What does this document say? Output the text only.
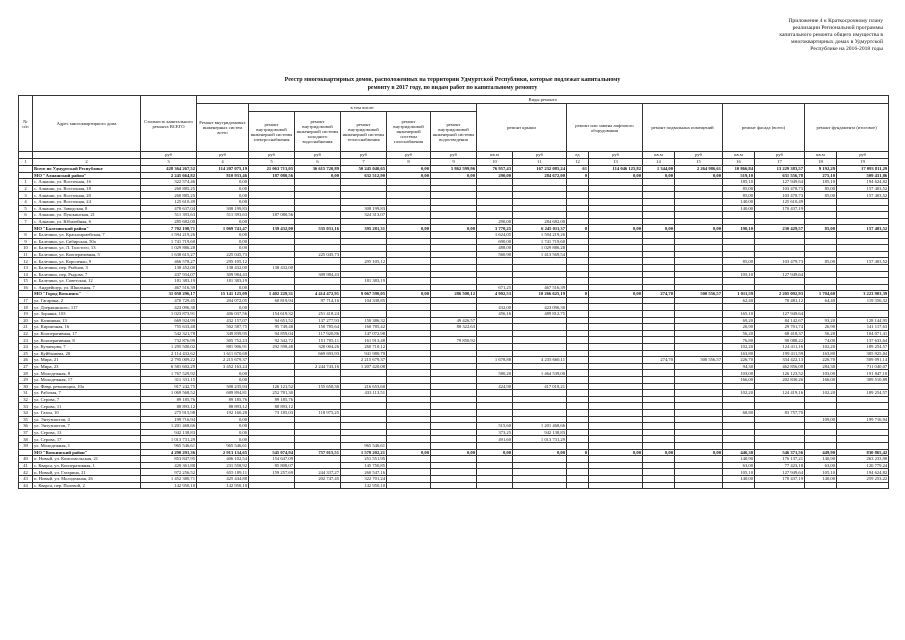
Приложение 4 к Краткосрочному плану
реализации Региональной программы
капитального ремонта общего имущества в
многоквартирных домах в Удмуртской
Республике на 2016-2018 годы
Реестр многоквартирных домов, расположенных на территории Удмуртской Республики, которые подлежат капитальному
ремонту в 2017 году, по видам работ по капитальному ремонту
№ п\п	Адрес многоквартирного дома	Стоимость капитального ремонта ВСЕГО	Виды ремонта															
			Ремонт внутридомовых инженерных систем всего	в том числе:					ремонт крыши		ремонт или замена лифтового оборудования		ремонт подвальных помещений		ремонт фасада (всего)		ремонт фундамента (итоговое)	
				ремонт внутридомовой инженерной системы электроснабжения	ремонт внутридомовой инженерной системы холодного водоснабжения	ремонт внутридомовой инженерной системы теплоснабжения	ремонт внутридомовой инженерной системы газоснабжения	ремонт внутридомовой инженерной системы водоотведения										
		руб	руб	руб	руб	руб	руб	руб	кв.м	руб	ед	руб	кв.м	руб	кв.м	руб	кв.м	руб
1	2	3	4	5	6	7	8	9	10	11	12	13	14	15	16	17	18	19
	Всего по Удмуртской Республике	428 364 267,52	114 207 075,19	21 063 713,05	36 615 720,89	50 245 040,65	0,00	5 862 599,96	76 957,43	167 232 085,24	61	114 046 125,82	1 344,00	2 264 986,61	10 866,84	13 229 383,57	9 192,29	17 093 811,29
	МО "Алнашский район"	2 245 664,82	810 933,46	187 080,56	0,00	632 512,90	0,00	0,00	290,00	284 672,00	0	0,00	0,00	0,00	519,10	631 556,78	275,10	509 431,86
1	с. Алнаши, ул. Восточная, 16	322 574,46	0,00												185,10	127 949,64	185,10	194 624,82
2	с. Алнаши, ул. Восточная, 18	260 885,25	0,00												85,00	103 478,73	85,00	157 403,52
3	с. Алнаши, ул. Восточная, 20	260 885,25	0,00												85,00	103 478,73	85,00	157 403,52
4	с. Алнаши, ул. Восточная, 24	125 610,49	0,00												140,00	125 610,49		
5	с. Алнаши, ул. Заводская, 8	478 637,04	308 199,83			308 199,83									140,00	170 437,19		
6	с. Алнаши, ул. Пушкинская, 21	511 393,63	511 393,63	187 080,56		324 313,07												
7	с. Алнаши, ул. Юбилейная, 6	285 682,00	0,00						290,00	284 682,00								
	МО "Балезинский район"	7 702 190,71	1 069 741,47	139 432,00	535 031,16	395 281,31	0,00	0,00	3 770,25	6 245 011,37	0	0,00	0,00	0,00	190,10	230 429,57	85,00	157 403,52
8	п. Балезино, ул. Красноармейская, 7	1 594 219,26	0,00						1 624,05	1 594 219,26								
9	п. Балезино, ул. Сибирская, 50а	1 741 719,60	0,00						690,00	1 741 719,60								
10	п. Балезино, ул. Л. Толстого, 13	1 029 886,28	0,00						488,00	1 029 886,28								
11	п. Балезино, ул. Кооперативная, 5	1 638 615,27	225 045,73		225 045,73				560,90	1 413 569,54								
12	п. Балезино, ул. Короленко, 9	466 578,27	295 105,12			295 105,12									85,00	103 479,73	85,00	157 403,52
13	п. Балезино, пер. Рыбнов, 3	138 452,00	138 432,00	138 432,00														
14	п. Балезино, пер. Рыдова, 7	437 934,07	309 984,43		309 984,43										105,10	127 949,64		
15	п. Балезино, ул. Советская, 12	181 383,19	181 383,19			181 383,19												
16	с. Андрейшур, ул. Школьная, 7	467 516,39	0,00						671,25	467 516,39								
	МО "Город Воткинск"	31 050 296,17	15 141 125,09	1 402 229,31	4 414 472,91	9 067 590,05	0,00	286 500,12	4 902,53	10 266 625,19	0	0,00	274,70	500 556,57	1 011,59	2 205 092,93	1 704,60	3 223 903,39
17	ул. Гагарина, 2	470 729,45	204 072,05	60 819,94	97 714,16	104 338,85									62,40	78 481,12	64,40	119 356,32
18	ул. Дзержинского, 117	423 096,30	0,00						432,00	423 096,30								
19	ул. Зорянка, 103	1 023 873,91	406 037,56	154 619,32	251 418,24				456,16	489 812,75					165,10	127 949,64		
20	ул. Калинина, 13	669 924,99	432 157,07	94 651,52	137 277,93	150 386,32		49 426,57							69,20	84 142,67	93,20	128 144,95
21	ул. Кирпичная, 16	755 633,48	502 587,75	95 749,48	150 785,64	160 785,42		88 322,63							26,90	29 701,74	26,90	141 117,63
22	ул. Кооперативная, 17	542 321,78	349 839,95	94 859,04	117 920,86	147 072,98									56,20	68 418,37	56,20	104 071,41
23	ул. Кооперативная, 8	732 876,99	305 752,23	92 342,72	151 705,11	161 913,48		79 850,92							76,80	90 088,22	74,00	137 633,64
24	ул. Кузнецова, 7	1 295 500,02	881 906,91	292 598,48	328 004,26	260 710,12									102,20	124 411,16	102,20	189 254,57
25	ул. Куйбышева, 20	2 114 432,62	1 611 670,68		669 693,93	941 980,79									163,80	199 411,59	163,80	305 925,84
26	ул. Мира, 21	2 795 009,22	2 215 679,37			2 215 679,37			1 678,88	4 235 660,11			274,70	500 556,57	226,70	334 422,13	226,70	509 091,14
27	ул. Мира, 23	6 581 602,29	3 452 163,24		2 244 743,16	1 207 420,08									94,30	462 856,08	284,30	711 040,07
28	ул. Молодежная, 8	1 767 529,92	0,00						580,20	1 464 539,00					103,00	126 123,52	103,00	191 847,10
29	ул. Молодежная, 17	311 331,15	0,00												166,00	202 830,26	166,00	309 510,89
30	ул. Февр. революции, 10а	917 242,75	500 235,94	126 121,52	155 650,30	216 653,60			424,90	417 018,21								
31	ул. Рабочая, 7	1 069 568,52	689 894,81	252 781,30		433 113,51									102,20	124 419,16	102,20	189 254,57
32	ул. Серова, 7	89 185,76	89 185,76	89 185,76														
33	ул. Серова, 11	88 893,12	88 893,12	88 893,12														
34	ул. Газон, 10	275 915,98	192 160,28	73 185,03	118 975,25										68,80	83 757,70		
35	ул. Энтузиастов, 4	199 716,94	0,00														109,00	199 716,94
36	ул. Энтузиастов, 7	1 201 468,66	0,00						515,60	1 201 468,66								
37	ул. Серова, 13	942 138,83	0,00						373,25	942 138,83								
38	ул. Серова, 17	1 013 731,29	0,00						491,60	1 013 731,29								
39	ул. Молодежная, 1	965 546,61	965 546,61			965 546,61												
	МО "Воткинский район"	4 290 291,36	2 913 134,65	545 074,94	757 015,51	1 570 202,21	0,00	0,00	0,00	0,00	0	0,00	0,00	0,00	446,30	546 371,56	449,90	830 865,42
40	п. Новый, ул. Комсомольская, 21	853 847,95	406 102,54	154 647,09		251 551,95									140,90	176 137,21	140,90	263 233,98
41	с. Кварса, ул. Кооперативная, 1	429 361,88	231 558,92	85 808,07		145 750,85									63,00	77 423,18	63,00	120 779,24
42	п. Новый, ул. Гагарина, 21	972 256,52	655 189,11	159 257,69	244 337,27	260 547,16									105,10	127 949,64	105,10	194 624,82
43	п. Новый, ул. Молодежная, 26	1 452 380,71	425 444,88		202 747,45	322 701,24									140,00	170 437,19	140,00	259 253,22
44	с. Кварса, пер. Полевой, 2	142 950,10	142 950,10			142 950,10												
